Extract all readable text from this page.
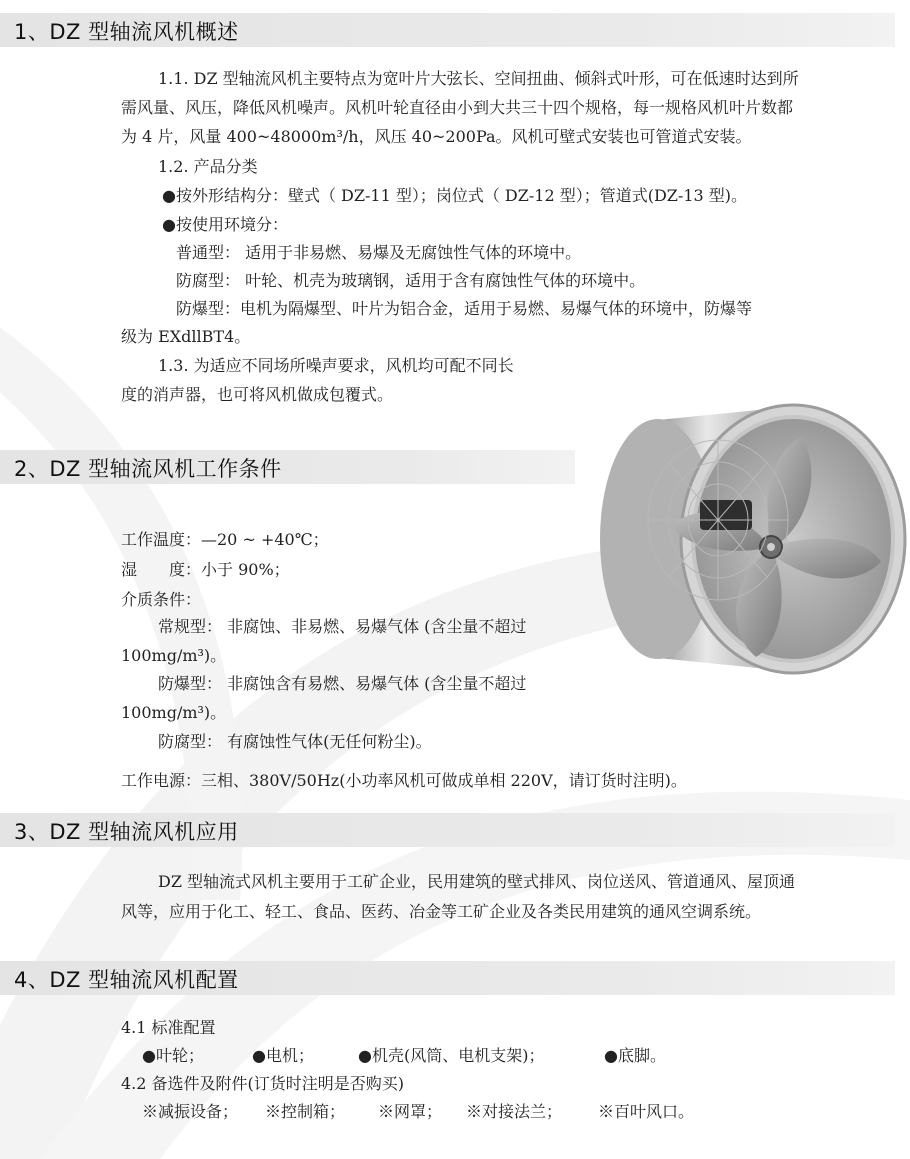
1、DZ 型轴流风机概述
1.1. DZ 型轴流风机主要特点为宽叶片大弦长、空间扭曲、倾斜式叶形，可在低速时达到所
需风量、风压，降低风机噪声。风机叶轮直径由小到大共三十四个规格，每一规格风机叶片数都
为 4 片，风量 400~48000m³/h，风压 40~200Pa。风机可壁式安装也可管道式安装。
1.2. 产品分类
●按外形结构分：壁式（ DZ-11 型）；岗位式（ DZ-12 型）；管道式(DZ-13 型)。
●按使用环境分：
普通型： 适用于非易燃、易爆及无腐蚀性气体的环境中。
防腐型： 叶轮、机壳为玻璃钢，适用于含有腐蚀性气体的环境中。
防爆型：电机为隔爆型、叶片为铝合金，适用于易燃、易爆气体的环境中，防爆等
级为 EXdllBT4。
1.3. 为适应不同场所噪声要求，风机均可配不同长
度的消声器，也可将风机做成包覆式。
2、DZ 型轴流风机工作条件
工作温度：—20 ~ +40℃；
湿　　度：小于 90%；
介质条件：
常规型： 非腐蚀、非易燃、易爆气体 (含尘量不超过
100mg/m³)。
防爆型： 非腐蚀含有易燃、易爆气体 (含尘量不超过
100mg/m³)。
防腐型： 有腐蚀性气体(无任何粉尘)。
工作电源：三相、380V/50Hz(小功率风机可做成单相 220V，请订货时注明)。
3、DZ 型轴流风机应用
DZ 型轴流式风机主要用于工矿企业，民用建筑的壁式排风、岗位送风、管道通风、屋顶通
风等，应用于化工、轻工、食品、医药、冶金等工矿企业及各类民用建筑的通风空调系统。
4、DZ 型轴流风机配置
4.1 标准配置
●叶轮；	●电机；	●机壳(风筒、电机支架)；	●底脚。
4.2 备选件及附件(订货时注明是否购买)
※减振设备； ※控制箱； ※网罩； ※对接法兰； ※百叶风口。
